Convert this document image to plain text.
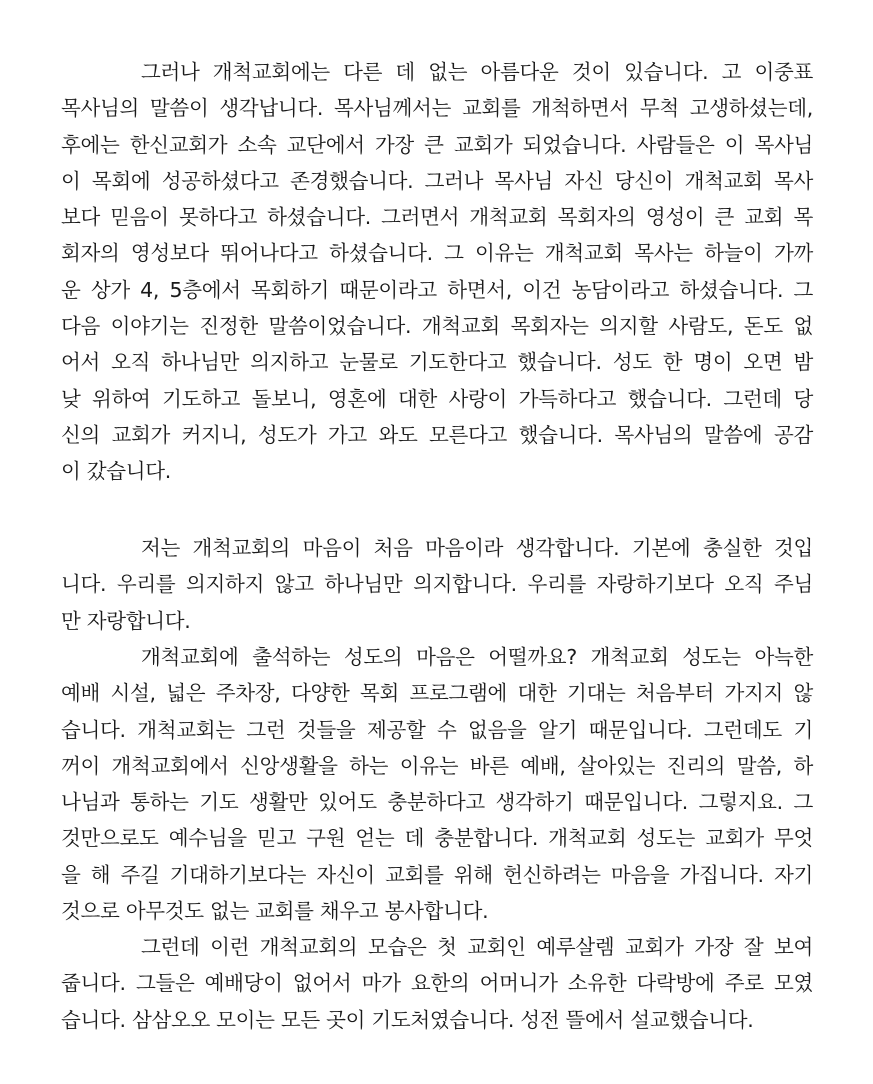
그러나 개척교회에는 다른 데 없는 아름다운 것이 있습니다. 고 이중표
목사님의 말씀이 생각납니다. 목사님께서는 교회를 개척하면서 무척 고생하셨는데,
후에는 한신교회가 소속 교단에서 가장 큰 교회가 되었습니다. 사람들은 이 목사님
이 목회에 성공하셨다고 존경했습니다. 그러나 목사님 자신 당신이 개척교회 목사
보다 믿음이 못하다고 하셨습니다. 그러면서 개척교회 목회자의 영성이 큰 교회 목
회자의 영성보다 뛰어나다고 하셨습니다. 그 이유는 개척교회 목사는 하늘이 가까
운 상가 4, 5층에서 목회하기 때문이라고 하면서, 이건 농담이라고 하셨습니다. 그
다음 이야기는 진정한 말씀이었습니다. 개척교회 목회자는 의지할 사람도, 돈도 없
어서 오직 하나님만 의지하고 눈물로 기도한다고 했습니다. 성도 한 명이 오면 밤
낮 위하여 기도하고 돌보니, 영혼에 대한 사랑이 가득하다고 했습니다. 그런데 당
신의 교회가 커지니, 성도가 가고 와도 모른다고 했습니다. 목사님의 말씀에 공감
이 갔습니다.
저는 개척교회의 마음이 처음 마음이라 생각합니다. 기본에 충실한 것입
니다. 우리를 의지하지 않고 하나님만 의지합니다. 우리를 자랑하기보다 오직 주님
만 자랑합니다.
개척교회에 출석하는 성도의 마음은 어떨까요? 개척교회 성도는 아늑한
예배 시설, 넓은 주차장, 다양한 목회 프로그램에 대한 기대는 처음부터 가지지 않
습니다. 개척교회는 그런 것들을 제공할 수 없음을 알기 때문입니다. 그런데도 기
꺼이 개척교회에서 신앙생활을 하는 이유는 바른 예배, 살아있는 진리의 말씀, 하
나님과 통하는 기도 생활만 있어도 충분하다고 생각하기 때문입니다. 그렇지요. 그
것만으로도 예수님을 믿고 구원 얻는 데 충분합니다. 개척교회 성도는 교회가 무엇
을 해 주길 기대하기보다는 자신이 교회를 위해 헌신하려는 마음을 가집니다. 자기
것으로 아무것도 없는 교회를 채우고 봉사합니다.
그런데 이런 개척교회의 모습은 첫 교회인 예루살렘 교회가 가장 잘 보여
줍니다. 그들은 예배당이 없어서 마가 요한의 어머니가 소유한 다락방에 주로 모였
습니다. 삼삼오오 모이는 모든 곳이 기도처였습니다. 성전 뜰에서 설교했습니다.
